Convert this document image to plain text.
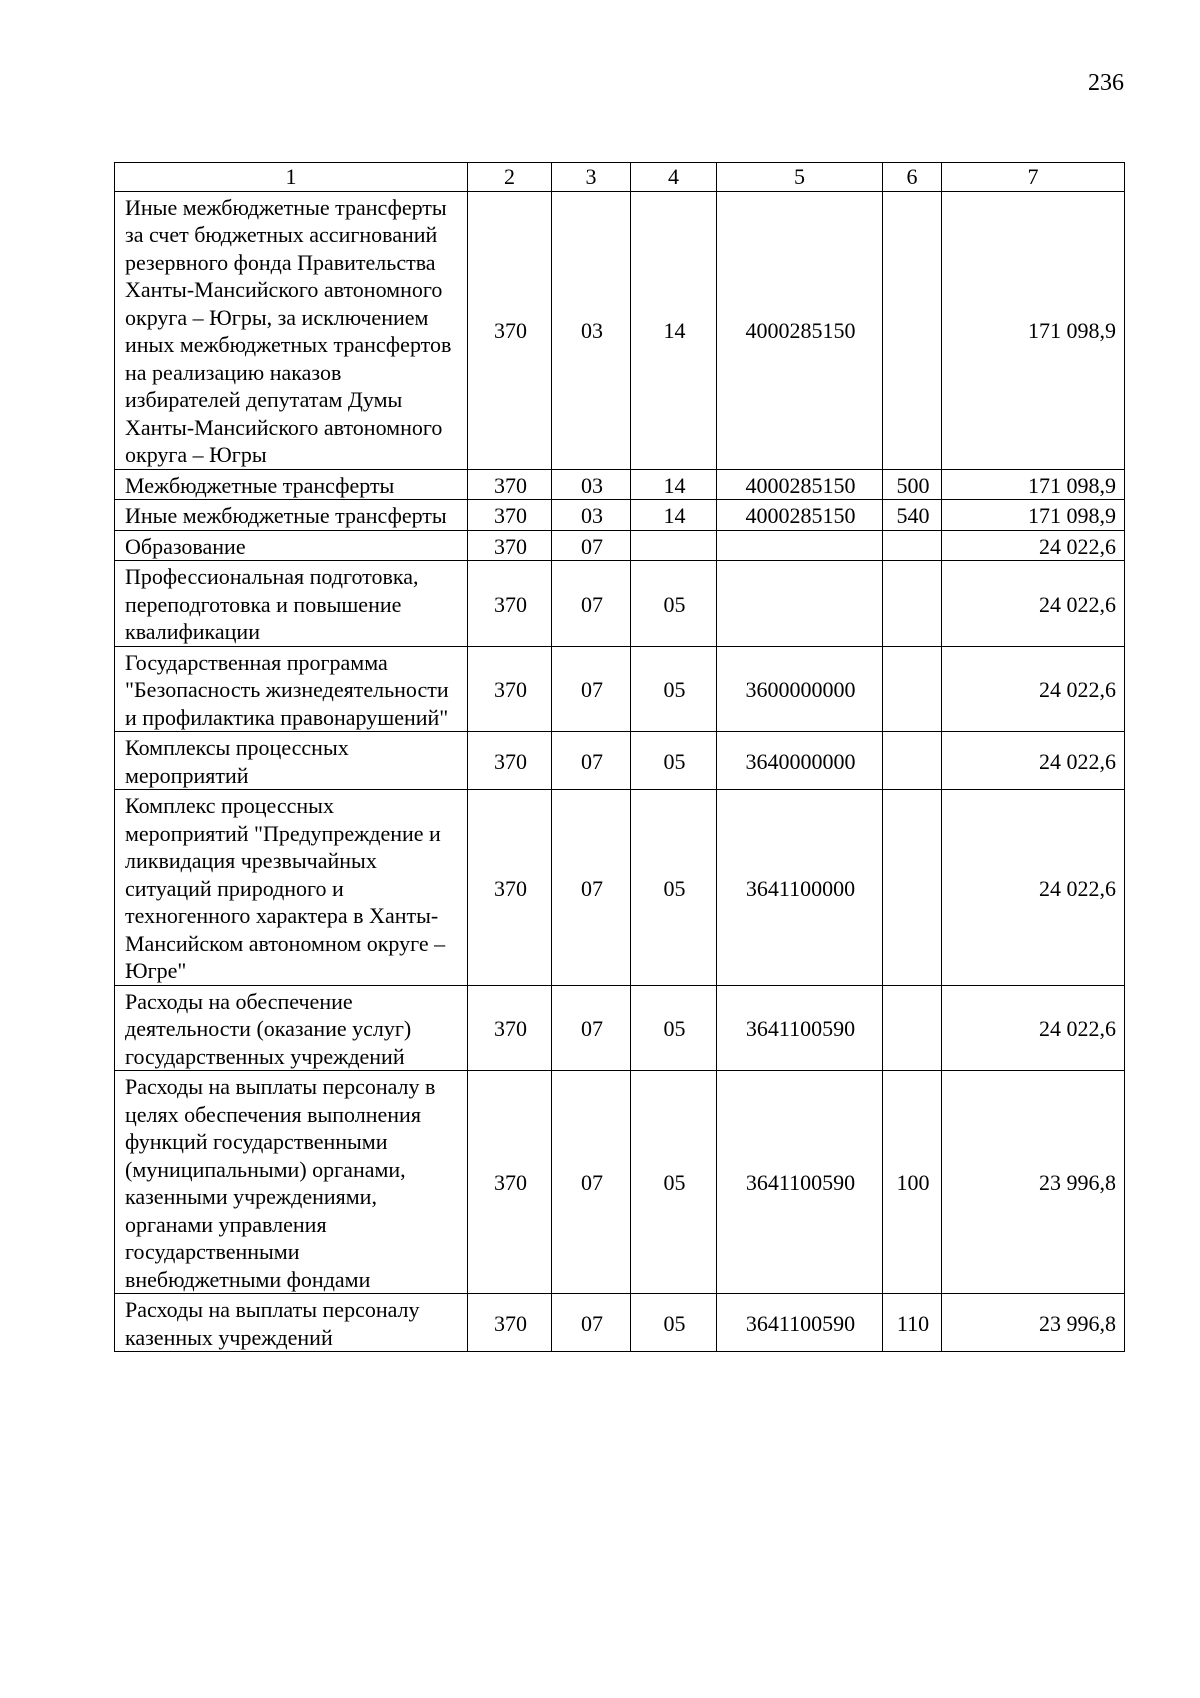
236
1	2	3	4	5	6	7
Иные межбюджетные трансферты за счет бюджетных ассигнований резервного фонда Правительства Ханты-Мансийского автономного округа – Югры, за исключением иных межбюджетных трансфертов на реализацию наказов избирателей депутатам Думы Ханты-Мансийского автономного округа – Югры	370	03	14	4000285150		171 098,9
Межбюджетные трансферты	370	03	14	4000285150	500	171 098,9
Иные межбюджетные трансферты	370	03	14	4000285150	540	171 098,9
Образование	370	07				24 022,6
Профессиональная подготовка, переподготовка и повышение квалификации	370	07	05			24 022,6
Государственная программа "Безопасность жизнедеятельности и профилактика правонарушений"	370	07	05	3600000000		24 022,6
Комплексы процессных мероприятий	370	07	05	3640000000		24 022,6
Комплекс процессных мероприятий "Предупреждение и ликвидация чрезвычайных ситуаций природного и техногенного характера в Ханты-Мансийском автономном округе – Югре"	370	07	05	3641100000		24 022,6
Расходы на обеспечение деятельности (оказание услуг) государственных учреждений	370	07	05	3641100590		24 022,6
Расходы на выплаты персоналу в целях обеспечения выполнения функций государственными (муниципальными) органами, казенными учреждениями, органами управления государственными внебюджетными фондами	370	07	05	3641100590	100	23 996,8
Расходы на выплаты персоналу казенных учреждений	370	07	05	3641100590	110	23 996,8
